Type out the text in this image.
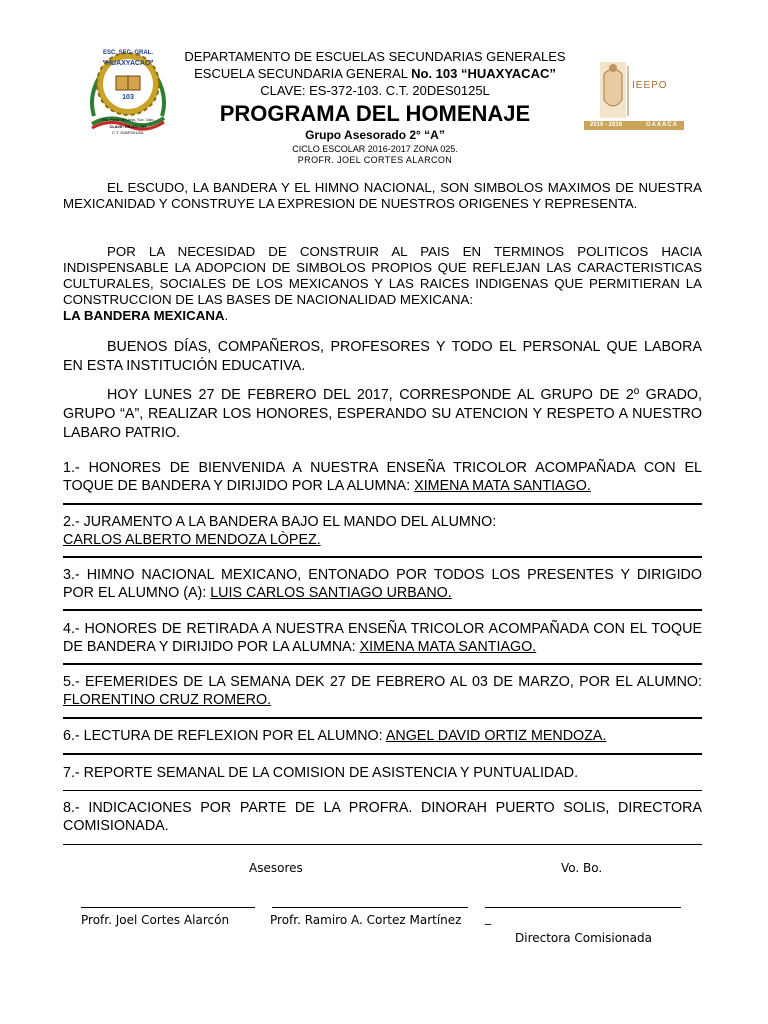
“HUAXYACAC”
ESC. SEC. GRAL.
103
Sta. Rosa de Lima, Tux. Oax.
CLAVE: ES-372-103
C.T. 20DES0125L
IEEPO
2010 - 2016	OAXACA
DEPARTAMENTO DE ESCUELAS SECUNDARIAS GENERALES
ESCUELA SECUNDARIA GENERAL No. 103 “HUAXYACAC”
CLAVE: ES-372-103. C.T. 20DES0125L
PROGRAMA DEL HOMENAJE
Grupo Asesorado 2° “A”
CICLO ESCOLAR 2016-2017 ZONA 025.
PROFR. JOEL CORTES ALARCON
EL ESCUDO, LA BANDERA Y EL HIMNO NACIONAL, SON SIMBOLOS MAXIMOS DE NUESTRA MEXICANIDAD Y CONSTRUYE LA EXPRESION DE NUESTROS ORIGENES Y REPRESENTA.
POR LA NECESIDAD DE CONSTRUIR AL PAIS EN TERMINOS POLITICOS HACIA INDISPENSABLE LA ADOPCION DE SIMBOLOS PROPIOS QUE REFLEJAN LAS CARACTERISTICAS CULTURALES, SOCIALES DE LOS MEXICANOS Y LAS RAICES INDIGENAS QUE PERMITIERAN LA CONSTRUCCION DE LAS BASES DE NACIONALIDAD MEXICANA:
LA BANDERA MEXICANA.
BUENOS DÍAS, COMPAÑEROS, PROFESORES Y TODO EL PERSONAL QUE LABORA EN ESTA INSTITUCIÓN EDUCATIVA.
HOY LUNES 27 DE FEBRERO DEL 2017, CORRESPONDE AL GRUPO DE 2º GRADO, GRUPO “A”, REALIZAR LOS HONORES, ESPERANDO SU ATENCION Y RESPETO A NUESTRO LABARO PATRIO.
1.- HONORES DE BIENVENIDA A NUESTRA ENSEÑA TRICOLOR ACOMPAÑADA CON EL TOQUE DE BANDERA Y DIRIJIDO POR LA ALUMNA: XIMENA MATA SANTIAGO.
2.- JURAMENTO A LA BANDERA BAJO EL MANDO DEL ALUMNO:
CARLOS ALBERTO MENDOZA LÒPEZ.
3.- HIMNO NACIONAL MEXICANO, ENTONADO POR TODOS LOS PRESENTES Y DIRIGIDO POR EL ALUMNO (A): LUIS CARLOS SANTIAGO URBANO.
4.- HONORES DE RETIRADA A NUESTRA ENSEÑA TRICOLOR ACOMPAÑADA CON EL TOQUE DE BANDERA Y DIRIJIDO POR LA ALUMNA: XIMENA MATA SANTIAGO.
5.- EFEMERIDES DE LA SEMANA DEK 27 DE FEBRERO AL 03 DE MARZO, POR EL ALUMNO: FLORENTINO CRUZ ROMERO.
6.- LECTURA DE REFLEXION POR EL ALUMNO: ANGEL DAVID ORTIZ MENDOZA.
7.- REPORTE SEMANAL DE LA COMISION DE ASISTENCIA Y PUNTUALIDAD.
8.- INDICACIONES POR PARTE DE LA PROFRA. DINORAH PUERTO SOLIS, DIRECTORA COMISIONADA.
Asesores	Vo. Bo.
Profr. Joel Cortes Alarcón	Profr. Ramiro A. Cortez Martínez _
Directora Comisionada
